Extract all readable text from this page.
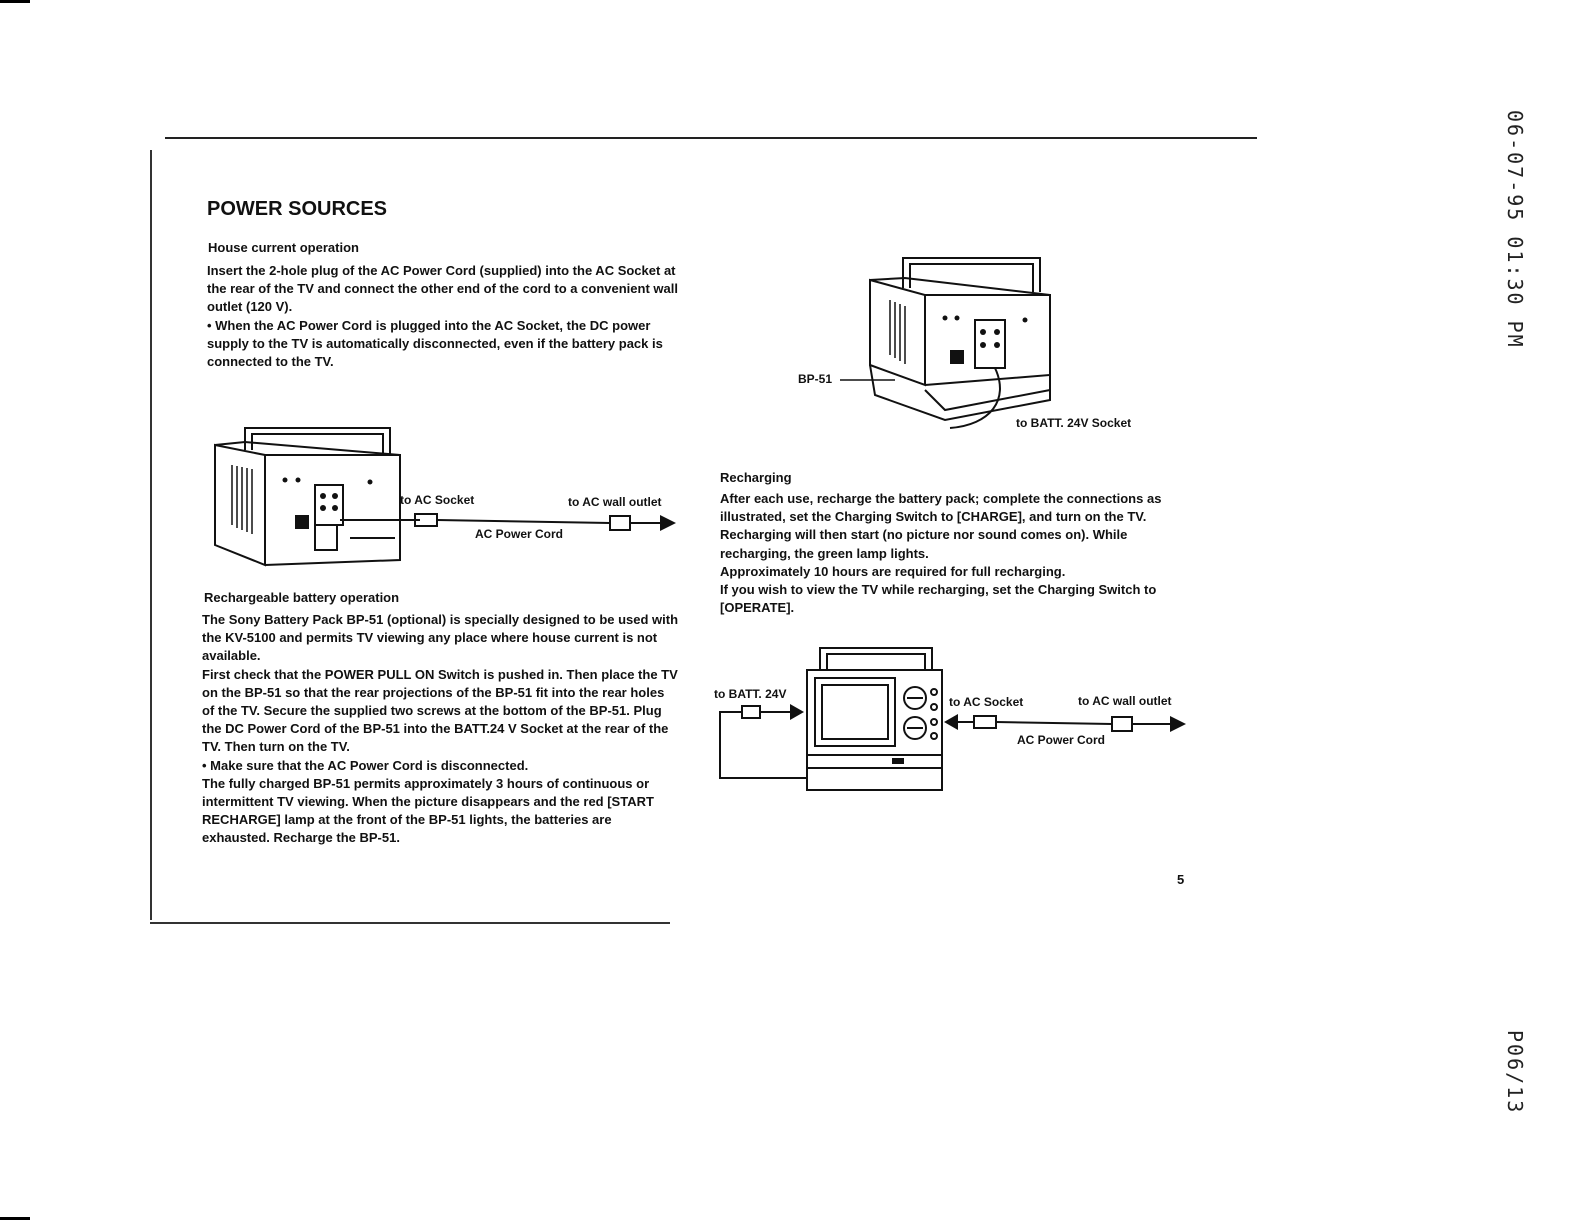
06-07-95 01:30 PM
P06/13
POWER SOURCES
House current operation
Insert the 2-hole plug of the AC Power Cord (supplied) into the AC Socket at the rear of the TV and connect the other end of the cord to a convenient wall outlet (120 V).
• When the AC Power Cord is plugged into the AC Socket, the DC power supply to the TV is automatically disconnected, even if the battery pack is connected to the TV.
to AC Socket	to AC wall outlet
AC Power Cord
Rechargeable battery operation
The Sony Battery Pack BP-51 (optional) is specially designed to be used with the KV-5100 and permits TV viewing any place where house current is not available.
First check that the POWER PULL ON Switch is pushed in. Then place the TV on the BP-51 so that the rear projections of the BP-51 fit into the rear holes of the TV. Secure the supplied two screws at the bottom of the BP-51. Plug the DC Power Cord of the BP-51 into the BATT.24 V Socket at the rear of the TV. Then turn on the TV.
• Make sure that the AC Power Cord is disconnected.
The fully charged BP-51 permits approximately 3 hours of continuous or intermittent TV viewing. When the picture disappears and the red [START RECHARGE] lamp at the front of the BP-51 lights, the batteries are exhausted. Recharge the BP-51.
BP-51
to BATT. 24V Socket
Recharging
After each use, recharge the battery pack; complete the connections as illustrated, set the Charging Switch to [CHARGE], and turn on the TV. Recharging will then start (no picture nor sound comes on). While recharging, the green lamp lights.
Approximately 10 hours are required for full recharging.
If you wish to view the TV while recharging, set the Charging Switch to [OPERATE].
to BATT. 24V
to AC Socket	to AC wall outlet
AC Power Cord
5
